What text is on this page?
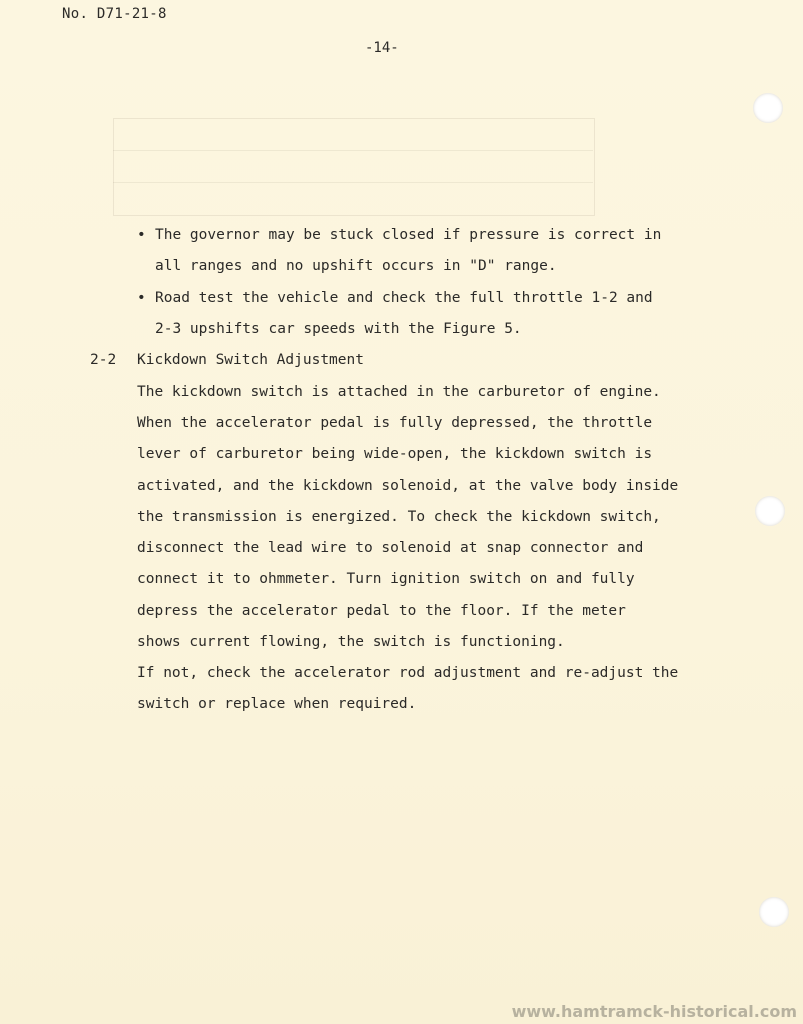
No. D71-21-8
-14-
• The governor may be stuck closed if pressure is correct in
all ranges and no upshift occurs in "D" range.
• Road test the vehicle and check the full throttle 1-2 and
2-3 upshifts car speeds with the Figure 5.
2-2 Kickdown Switch Adjustment
The kickdown switch is attached in the carburetor of engine.
When the accelerator pedal is fully depressed, the throttle
lever of carburetor being wide-open, the kickdown switch is
activated, and the kickdown solenoid, at the valve body inside
the transmission is energized. To check the kickdown switch,
disconnect the lead wire to solenoid at snap connector and
connect it to ohmmeter. Turn ignition switch on and fully
depress the accelerator pedal to the floor. If the meter
shows current flowing, the switch is functioning.
If not, check the accelerator rod adjustment and re-adjust the
switch or replace when required.
www.hamtramck-historical.com
